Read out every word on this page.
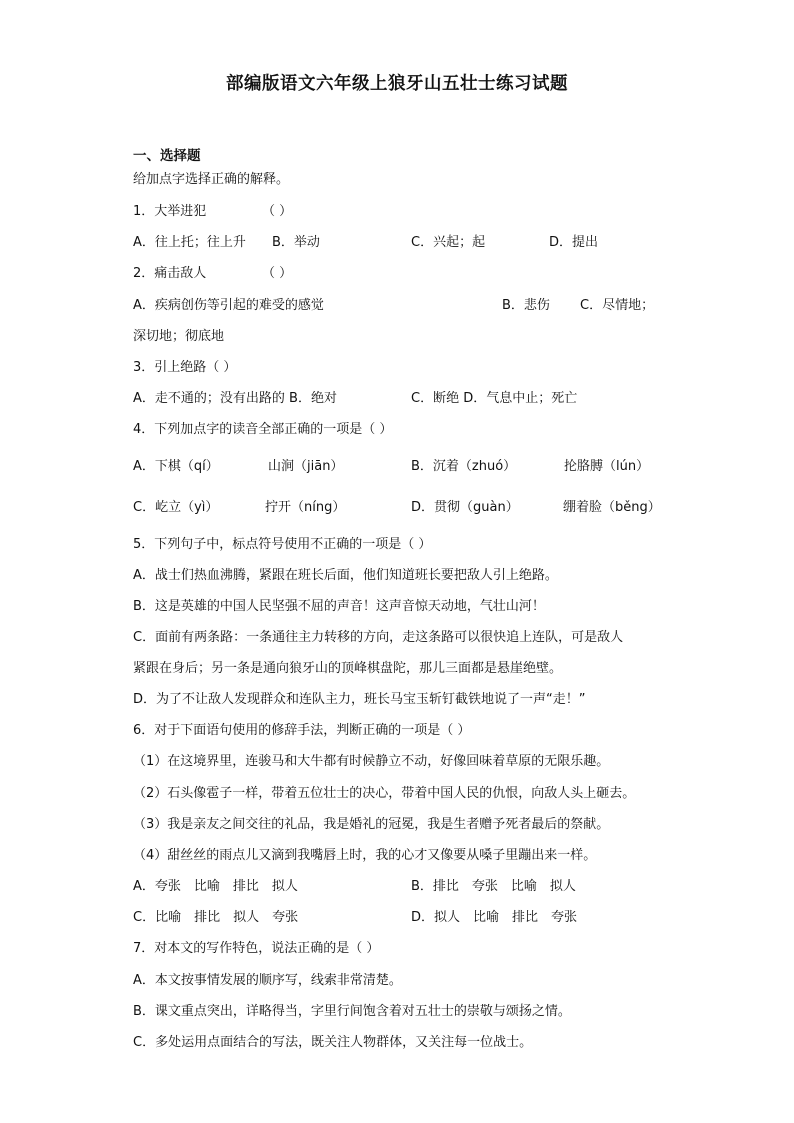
部编版语文六年级上狼牙山五壮士练习试题
一、选择题
给加点字选择正确的解释。
1．大举进犯	（ ）
A．往上托；往上升 B．举动	C．兴起；起	D．提出
2．痛击敌人	（ ）
A．疾病创伤等引起的难受的感觉	B．悲伤 C．尽情地；
深切地；彻底地
3．引上绝路（ ）
A．走不通的；没有出路的 B．绝对	C．断绝 D．气息中止；死亡
4．下列加点字的读音全部正确的一项是（ ）
A．下棋（qí）	山涧（jiān）	B．沉着（zhuó）	抡胳膊（lún）
C．屹立（yì）	拧开（níng）	D．贯彻（guàn）	绷着脸（běng）
5．下列句子中，标点符号使用不正确的一项是（ ）
A．战士们热血沸腾，紧跟在班长后面，他们知道班长要把敌人引上绝路。
B．这是英雄的中国人民坚强不屈的声音！这声音惊天动地，气壮山河！
C．面前有两条路：一条通往主力转移的方向，走这条路可以很快追上连队，可是敌人
紧跟在身后；另一条是通向狼牙山的顶峰棋盘陀，那儿三面都是悬崖绝壁。
D．为了不让敌人发现群众和连队主力，班长马宝玉斩钉截铁地说了一声“走！”
6．对于下面语句使用的修辞手法，判断正确的一项是（ ）
（1）在这境界里，连骏马和大牛都有时候静立不动，好像回味着草原的无限乐趣。
（2）石头像雹子一样，带着五位壮士的决心，带着中国人民的仇恨，向敌人头上砸去。
（3）我是亲友之间交往的礼品，我是婚礼的冠冕，我是生者赠予死者最后的祭献。
（4）甜丝丝的雨点儿又滴到我嘴唇上时，我的心才又像要从嗓子里蹦出来一样。
A．夸张　比喻　排比　拟人	B．排比　夸张　比喻　拟人
C．比喻　排比　拟人　夸张	D．拟人　比喻　排比　夸张
7．对本文的写作特色，说法正确的是（ ）
A．本文按事情发展的顺序写，线索非常清楚。
B．课文重点突出，详略得当，字里行间饱含着对五壮士的崇敬与颂扬之情。
C．多处运用点面结合的写法，既关注人物群体，又关注每一位战士。
